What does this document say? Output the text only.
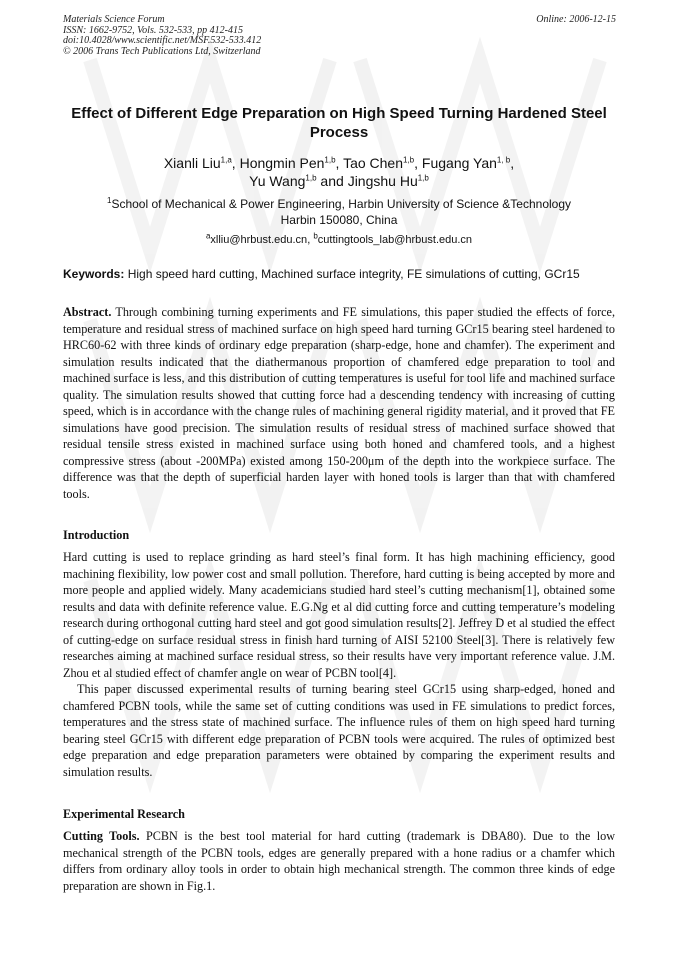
Materials Science Forum
ISSN: 1662-9752, Vols. 532-533, pp 412-415
doi:10.4028/www.scientific.net/MSF.532-533.412
© 2006 Trans Tech Publications Ltd, Switzerland
Online: 2006-12-15
Effect of Different Edge Preparation on High Speed Turning Hardened Steel Process
Xianli Liu$^{1,a}$, Hongmin Pen$^{1,b}$, Tao Chen$^{1,b}$, Fugang Yan$^{1, b}$,
Yu Wang$^{1,b}$ and Jingshu Hu$^{1,b}$
$^1$School of Mechanical & Power Engineering, Harbin University of Science &Technology
Harbin 150080, China
$^a$xlliu@hrbust.edu.cn, $^b$cuttingtools_lab@hrbust.edu.cn
Keywords: High speed hard cutting, Machined surface integrity, FE simulations of cutting, GCr15
Abstract. Through combining turning experiments and FE simulations, this paper studied the effects of force, temperature and residual stress of machined surface on high speed hard turning GCr15 bearing steel hardened to HRC60-62 with three kinds of ordinary edge preparation (sharp-edge, hone and chamfer). The experiment and simulation results indicated that the diathermanous proportion of chamfered edge preparation to tool and machined surface is less, and this distribution of cutting temperatures is useful for tool life and machined surface quality. The simulation results showed that cutting force had a descending tendency with increasing of cutting speed, which is in accordance with the change rules of machining general rigidity material, and it proved that FE simulations have good precision. The simulation results of residual stress of machined surface showed that residual tensile stress existed in machined surface using both honed and chamfered tools, and a highest compressive stress (about -200MPa) existed among 150-200μm of the depth into the workpiece surface. The difference was that the depth of superficial harden layer with honed tools is larger than that with chamfered tools.
Introduction

Hard cutting is used to replace grinding as hard steel’s final form. It has high machining efficiency, good machining flexibility, low power cost and small pollution. Therefore, hard cutting is being accepted by more and more people and applied widely. Many academicians studied hard steel’s cutting mechanism[1], obtained some results and data with definite reference value. E.G.Ng et al did cutting force and cutting temperature’s modeling research during orthogonal cutting hard steel and got good simulation results[2]. Jeffrey D et al studied the effect of cutting-edge on surface residual stress in finish hard turning of AISI 52100 Steel[3]. There is relatively few researches aiming at machined surface residual stress, so their results have very important reference value. J.M. Zhou et al studied effect of chamfer angle on wear of PCBN tool[4].

This paper discussed experimental results of turning bearing steel GCr15 using sharp-edged, honed and chamfered PCBN tools, while the same set of cutting conditions was used in FE simulations to predict forces, temperatures and the stress state of machined surface. The influence rules of them on high speed hard turning bearing steel GCr15 with different edge preparation of PCBN tools were acquired. The rules of optimized best edge preparation and edge preparation parameters were obtained by comparing the experiment results and simulation results.

Experimental Research
Cutting Tools. PCBN is the best tool material for hard cutting (trademark is DBA80). Due to the low mechanical strength of the PCBN tools, edges are generally prepared with a hone radius or a chamfer which differs from ordinary alloy tools in order to obtain high mechanical strength. The common three kinds of edge preparation are shown in Fig.1.
